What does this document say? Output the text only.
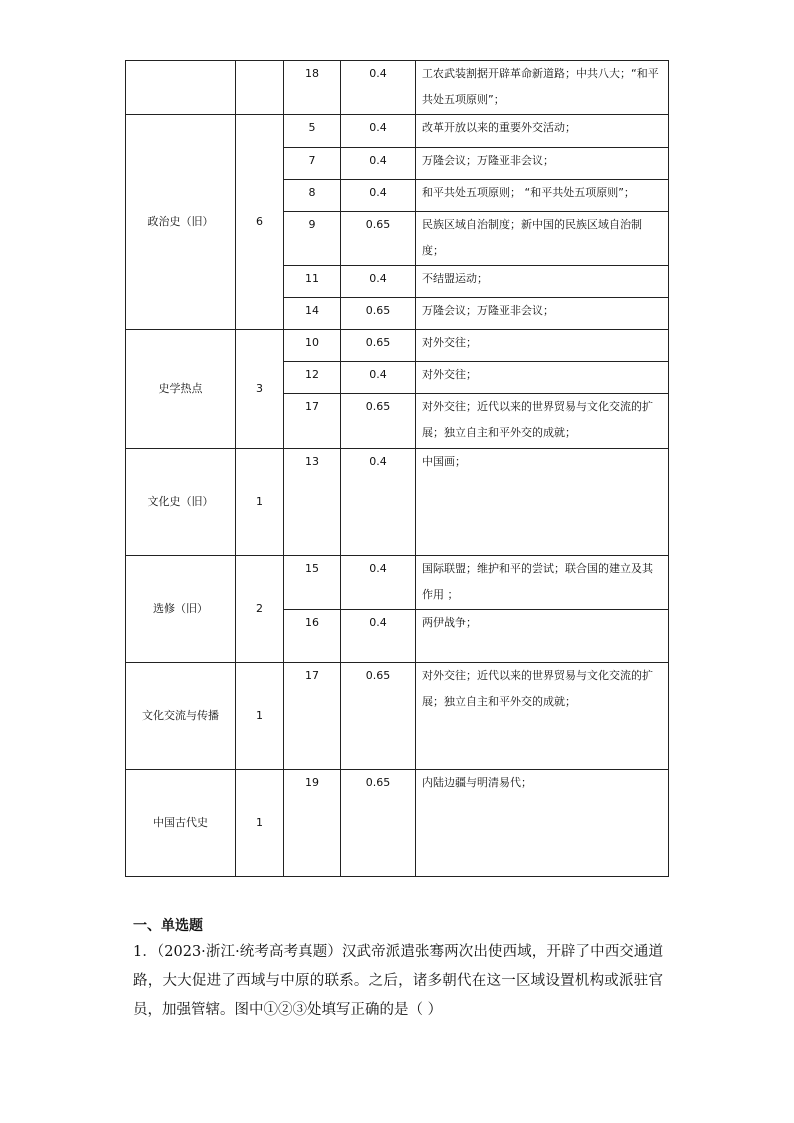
		18	0.4	工农武装割据开辟革命新道路；中共八大；“和平共处五项原则”；

政治史（旧）	6	5	0.4	改革开放以来的重要外交活动；

		7	0.4	万隆会议；万隆亚非会议；

		8	0.4	和平共处五项原则； “和平共处五项原则”；

		9	0.65	民族区域自治制度；新中国的民族区域自治制度；

		11	0.4	不结盟运动；

		14	0.65	万隆会议；万隆亚非会议；

史学热点	3	10	0.65	对外交往；

		12	0.4	对外交往；

		17	0.65	对外交往；近代以来的世界贸易与文化交流的扩展；独立自主和平外交的成就；

文化史（旧）	1	13	0.4	中国画；

选修（旧）	2	15	0.4	国际联盟；维护和平的尝试；联合国的建立及其作用 ；

		16	0.4	两伊战争；

文化交流与传播	1	17	0.65	对外交往；近代以来的世界贸易与文化交流的扩展；独立自主和平外交的成就；

中国古代史	1	19	0.65	内陆边疆与明清易代；
一、单选题

1．（2023·浙江·统考高考真题）汉武帝派遣张骞两次出使西域，开辟了中西交通道路，大大促进了西域与中原的联系。之后，诸多朝代在这一区域设置机构或派驻官员，加强管辖。图中①②③处填写正确的是（ ）
